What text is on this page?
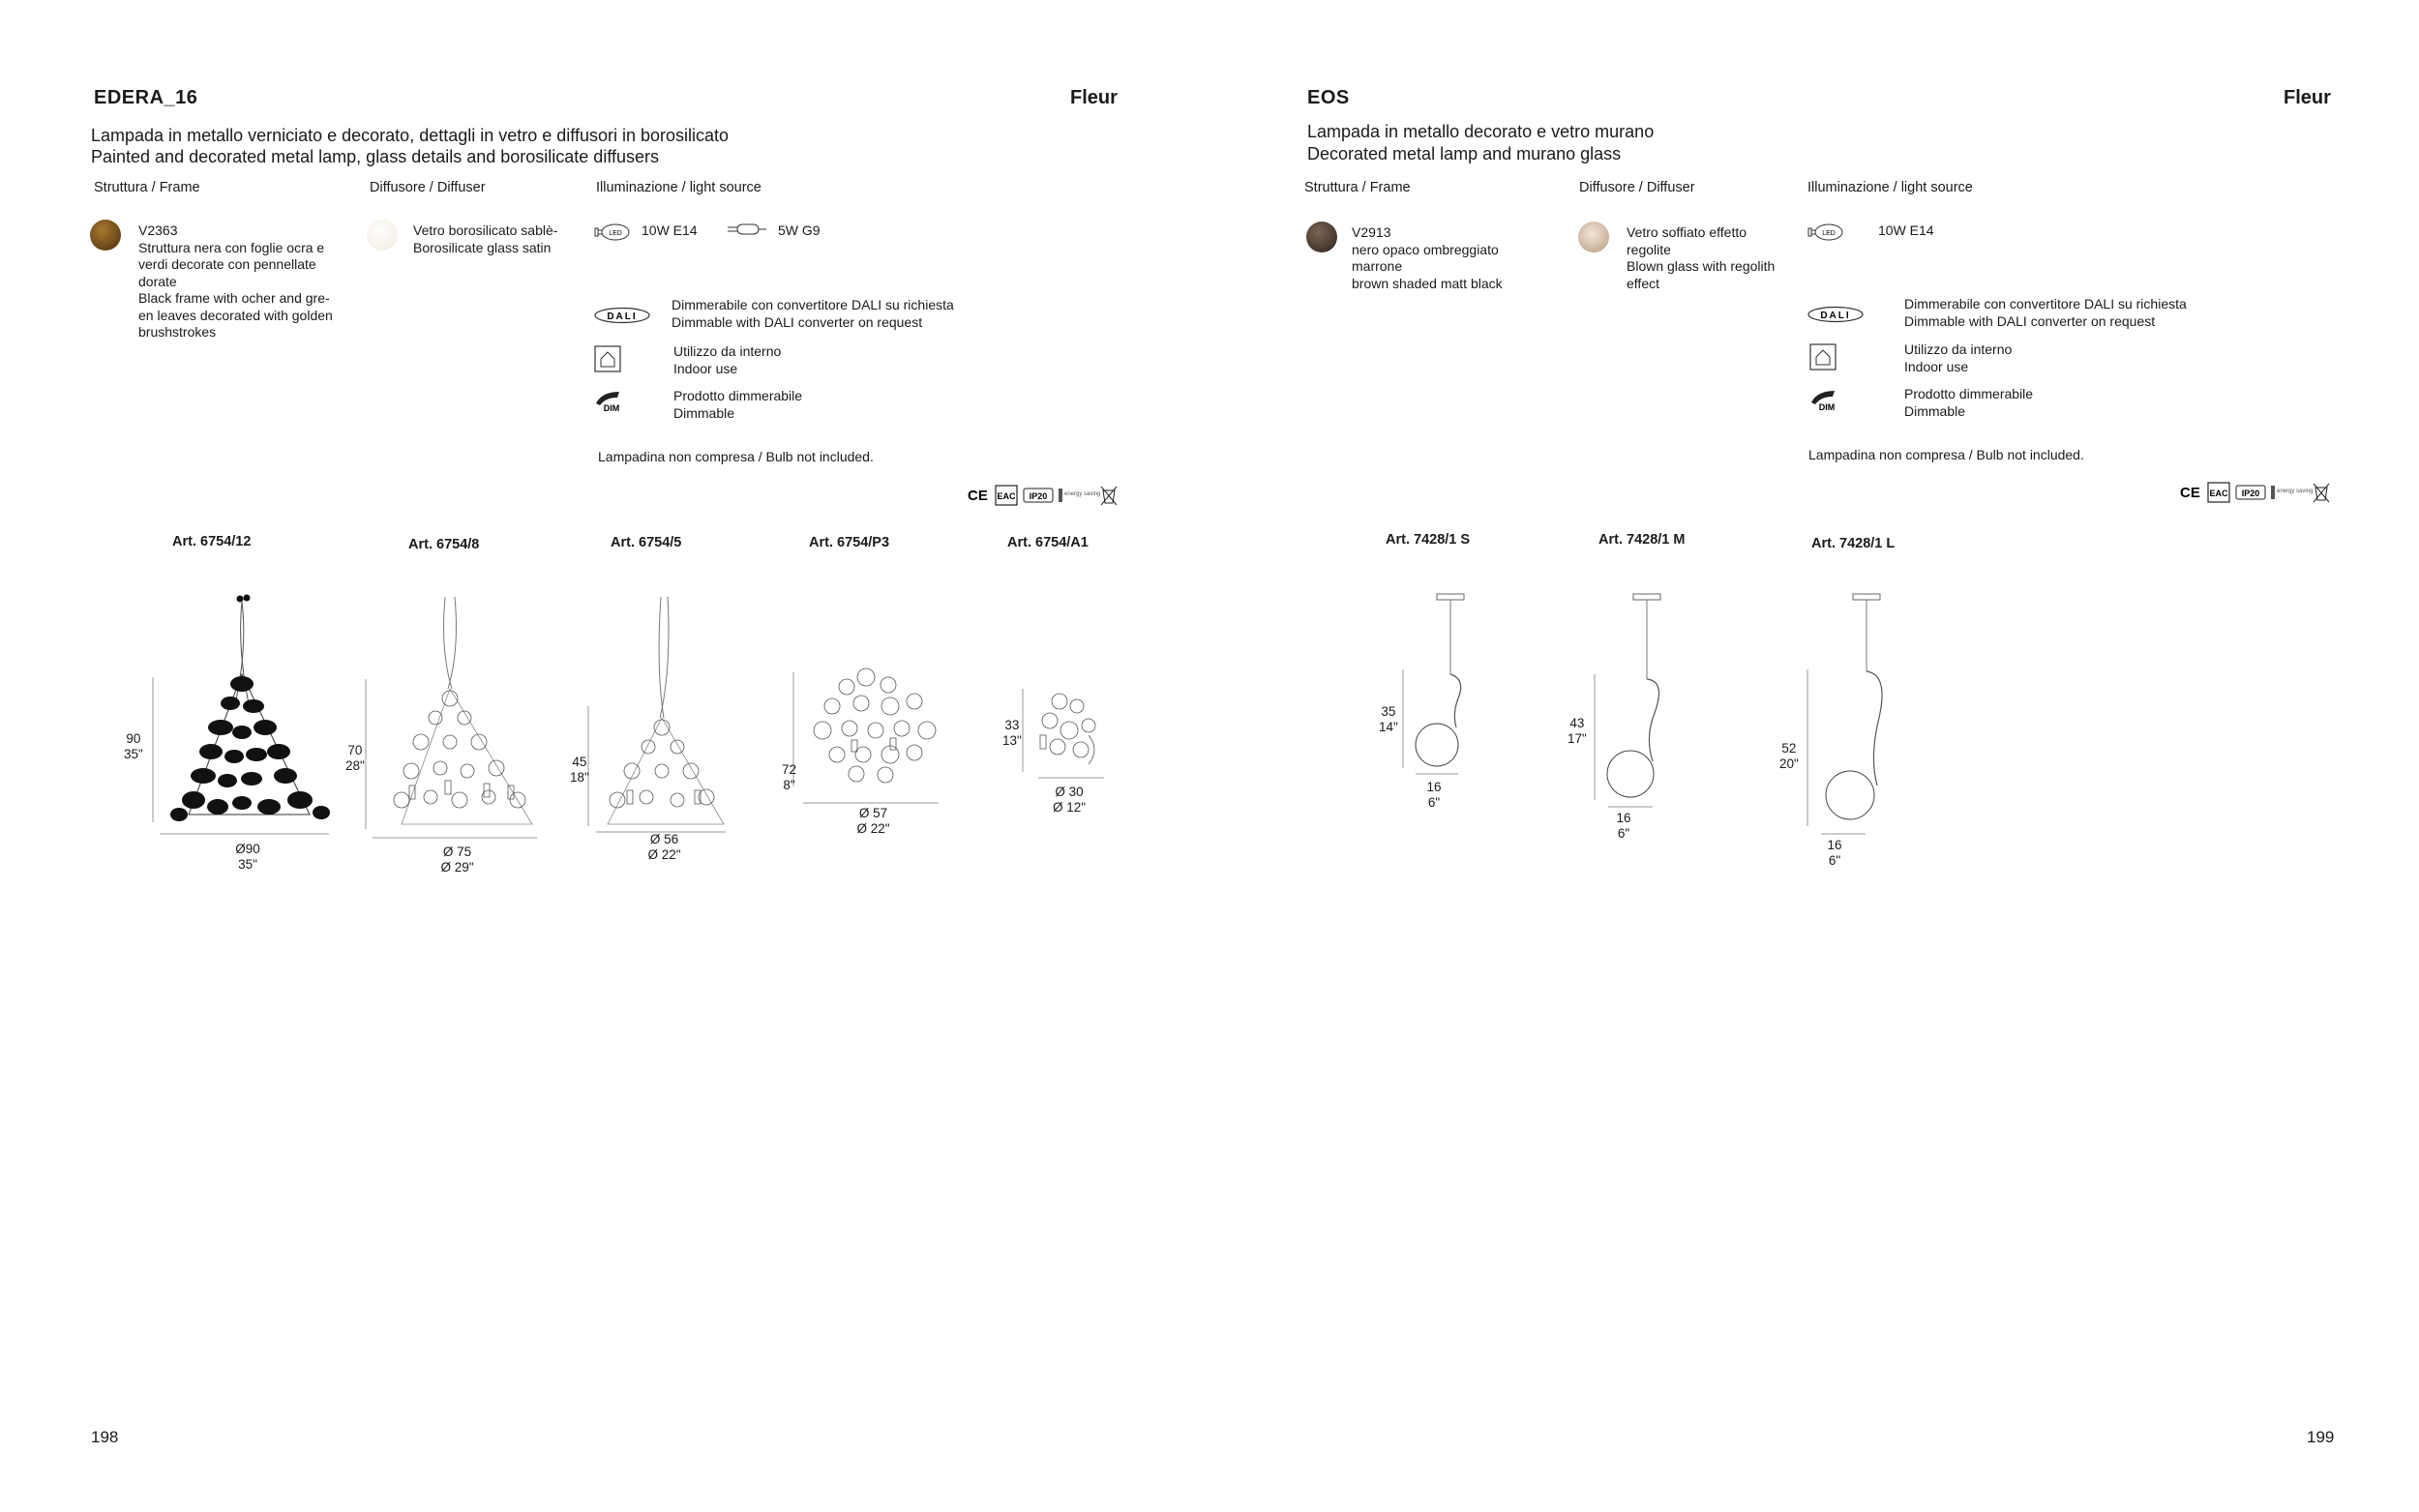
EDERA_16	Fleur
Lampada in metallo verniciato e decorato, dettagli in vetro e diffusori in borosilicato
Painted and decorated metal lamp, glass details and borosilicate diffusers
Struttura / Frame	Diffusore / Diffuser	Illuminazione / light source
V2363
Struttura nera con foglie ocra e
verdi decorate con pennellate
dorate
Black frame with ocher and gre-
en leaves decorated with golden
brushstrokes
Vetro borosilicato sablè-
Borosilicate glass satin
LED 10W E14	5W G9
DALI
Dimmerabile con convertitore DALI su richiesta
Dimmable with DALI converter on request
Utilizzo da interno
Indoor use
DIM
Prodotto dimmerabile
Dimmable
Lampadina non compresa / Bulb not included.
CE EAC IP20	energy saving
Art. 6754/12	Art. 6754/8	Art. 6754/5	Art. 6754/P3	Art. 6754/A1
90
35"
Ø90
35"
70
28"
Ø 75
Ø 29"
45
18"
Ø 56
Ø 22"
72
8"
Ø 57
Ø 22"
33
13"
Ø 30
Ø 12"
198
EOS	Fleur
Lampada in metallo decorato e vetro murano
Decorated metal lamp and murano glass
Struttura / Frame	Diffusore / Diffuser	Illuminazione / light source
V2913
nero opaco ombreggiato
marrone
brown shaded matt black
Vetro soffiato effetto
regolite
Blown glass with regolith
effect
LED	10W E14
DALI
Dimmerabile con convertitore DALI su richiesta
Dimmable with DALI converter on request
Utilizzo da interno
Indoor use
DIM
Prodotto dimmerabile
Dimmable
Lampadina non compresa / Bulb not included.
CE EAC IP20	energy saving
Art. 7428/1 S	Art. 7428/1 M	Art. 7428/1 L
35
14"
16
6"
43
17"
16
6"
52
20"
16
6"
199
